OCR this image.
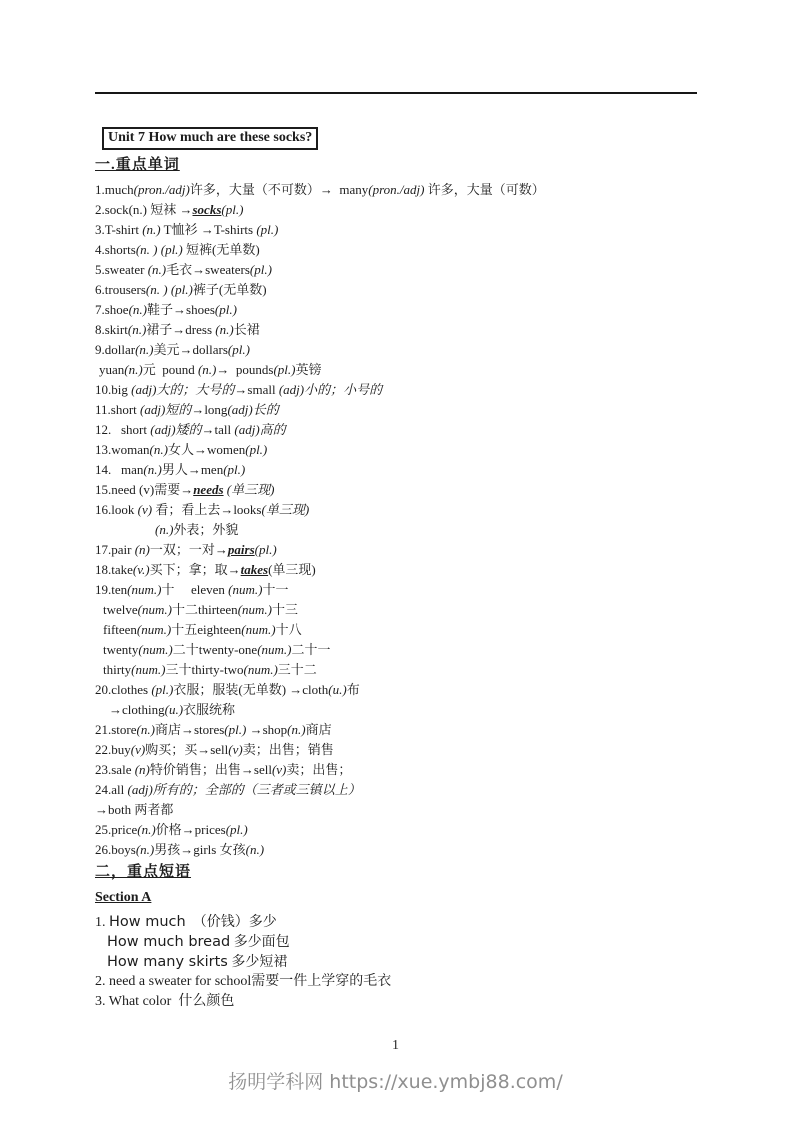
Unit 7 How much are these socks?
一.重点单词
1.much(pron./adj)许多，大量（不可数）→  many(pron./adj) 许多，大量（可数）
2.sock(n.) 短袜 →socks(pl.)
3.T-shirt (n.) T恤衫 →T-shirts (pl.)
4.shorts(n. ) (pl.) 短裤(无单数)
5.sweater (n.)毛衣→sweaters(pl.)
6.trousers(n. ) (pl.)裤子(无单数)
7.shoe(n.)鞋子→shoes(pl.)
8.skirt(n.)裙子→dress (n.)长裙
9.dollar(n.)美元→dollars(pl.)
yuan(n.)元  pound (n.)→  pounds(pl.)英镑
10.big (adj)大的；大号的→small (adj)小的；小号的
11.short (adj)短的→long(adj)长的
12.   short (adj)矮的→tall (adj)高的
13.woman(n.)女人→women(pl.)
14.   man(n.)男人→men(pl.)
15.need (v)需要→needs (单三现)
16.look (v) 看；看上去→looks(单三现)
(n.)外表；外貌
17.pair (n)一双；一对→pairs(pl.)
18.take(v.)买下；拿；取→takes(单三现)
19.ten(num.)十 eleven (num.)十一
twelve(num.)十二thirteen(num.)十三
fifteen(num.)十五eighteen(num.)十八
twenty(num.)二十twenty-one(num.)二十一
thirty(num.)三十thirty-two(num.)三十二
20.clothes (pl.)衣服；服装(无单数) →cloth(u.)布
→clothing(u.)衣服统称
21.store(n.)商店→stores(pl.) →shop(n.)商店
22.buy(v)购买；买→sell(v)卖；出售；销售
23.sale (n)特价销售；出售→sell(v)卖；出售；
24.all (adj)所有的；全部的（三者或三镇以上）
→both 两者都
25.price(n.)价格→prices(pl.)
26.boys(n.)男孩→girls 女孩(n.)
二，重点短语
Section A
1. How much  （价钱）多少
How much bread 多少面包
How many skirts 多少短裙
2. need a sweater for school需要一件上学穿的毛衣
3. What color  什么颜色
1
扬明学科网 https://xue.ymbj88.com/
